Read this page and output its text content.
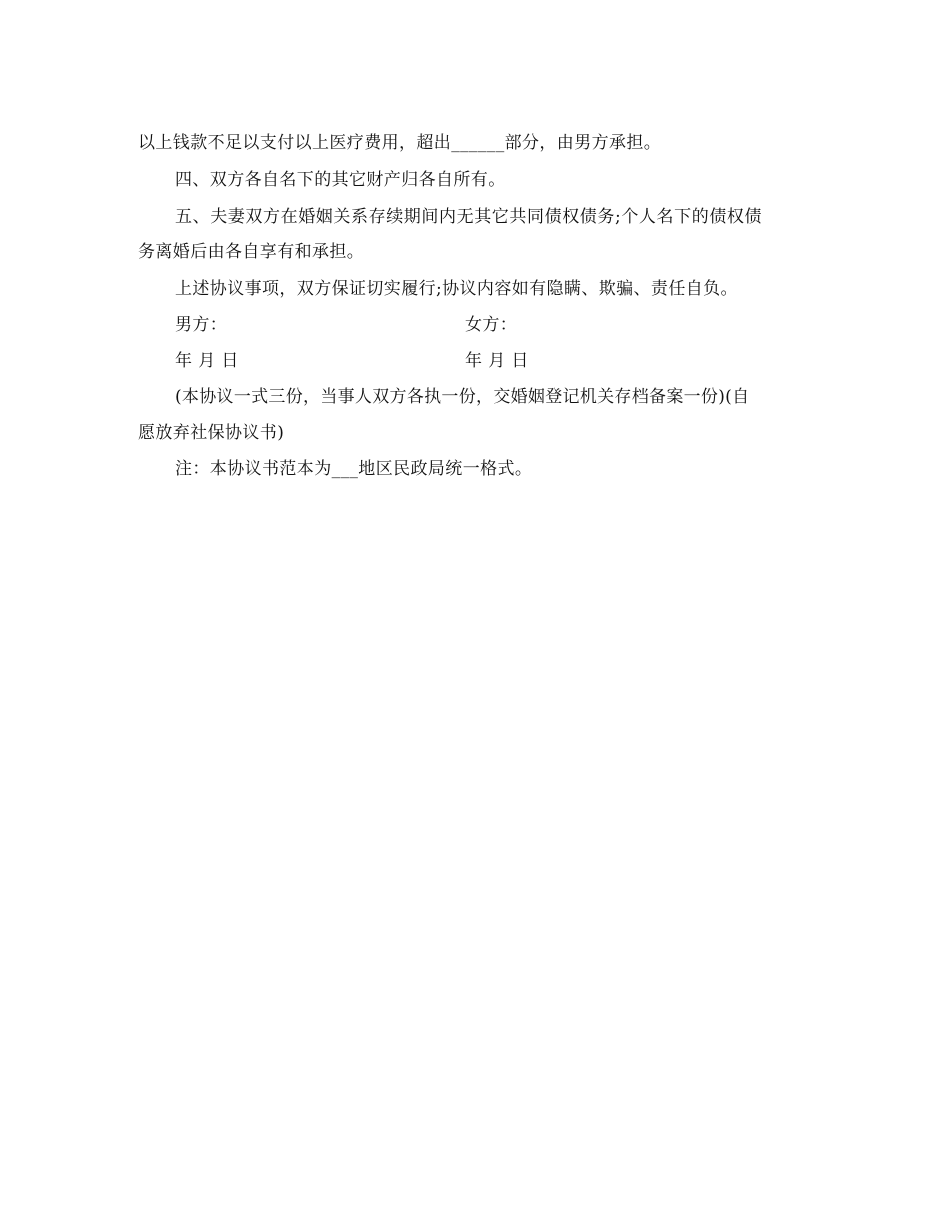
以上钱款不足以支付以上医疗费用，超出______部分，由男方承担。
四、双方各自名下的其它财产归各自所有。
五、夫妻双方在婚姻关系存续期间内无其它共同债权债务;个人名下的债权债
务离婚后由各自享有和承担。
上述协议事项，双方保证切实履行;协议内容如有隐瞒、欺骗、责任自负。
男方：	女方：
年 月 日	年 月 日
(本协议一式三份，当事人双方各执一份，交婚姻登记机关存档备案一份)(自
愿放弃社保协议书)
注：本协议书范本为___地区民政局统一格式。
